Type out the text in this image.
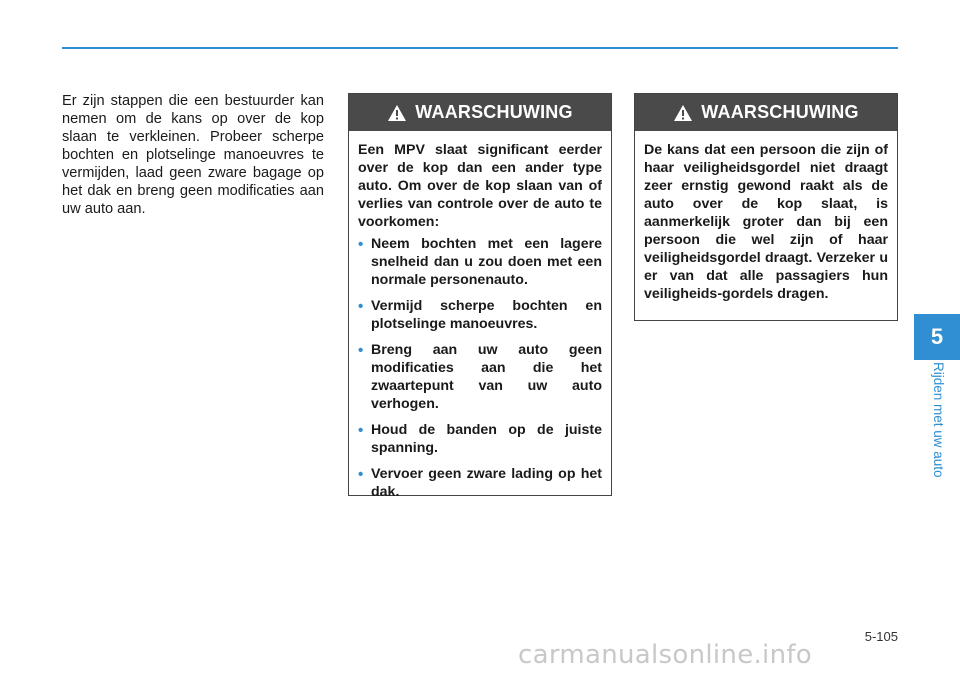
Er zijn stappen die een bestuurder kan nemen om de kans op over de kop slaan te verkleinen. Probeer scherpe bochten en plotselinge manoeuvres te vermijden, laad geen zware bagage op het dak en breng geen modificaties aan uw auto aan.

WAARSCHUWING

Een MPV slaat significant eerder over de kop dan een ander type auto. Om over de kop slaan van of verlies van controle over de auto te voorkomen:

• Neem bochten met een lagere snelheid dan u zou doen met een normale personenauto.
• Vermijd scherpe bochten en plotselinge manoeuvres.
• Breng aan uw auto geen modificaties aan die het zwaartepunt van uw auto verhogen.
• Houd de banden op de juiste spanning.
• Vervoer geen zware lading op het dak.
WAARSCHUWING

De kans dat een persoon die zijn of haar veiligheidsgordel niet draagt zeer ernstig gewond raakt als de auto over de kop slaat, is aanmerkelijk groter dan bij een persoon die wel zijn of haar veiligheidsgordel draagt. Verzeker u er van dat alle passagiers hun veiligheids-gordels dragen.

5
Rijden met uw auto
5-105
carmanualsonline.info
